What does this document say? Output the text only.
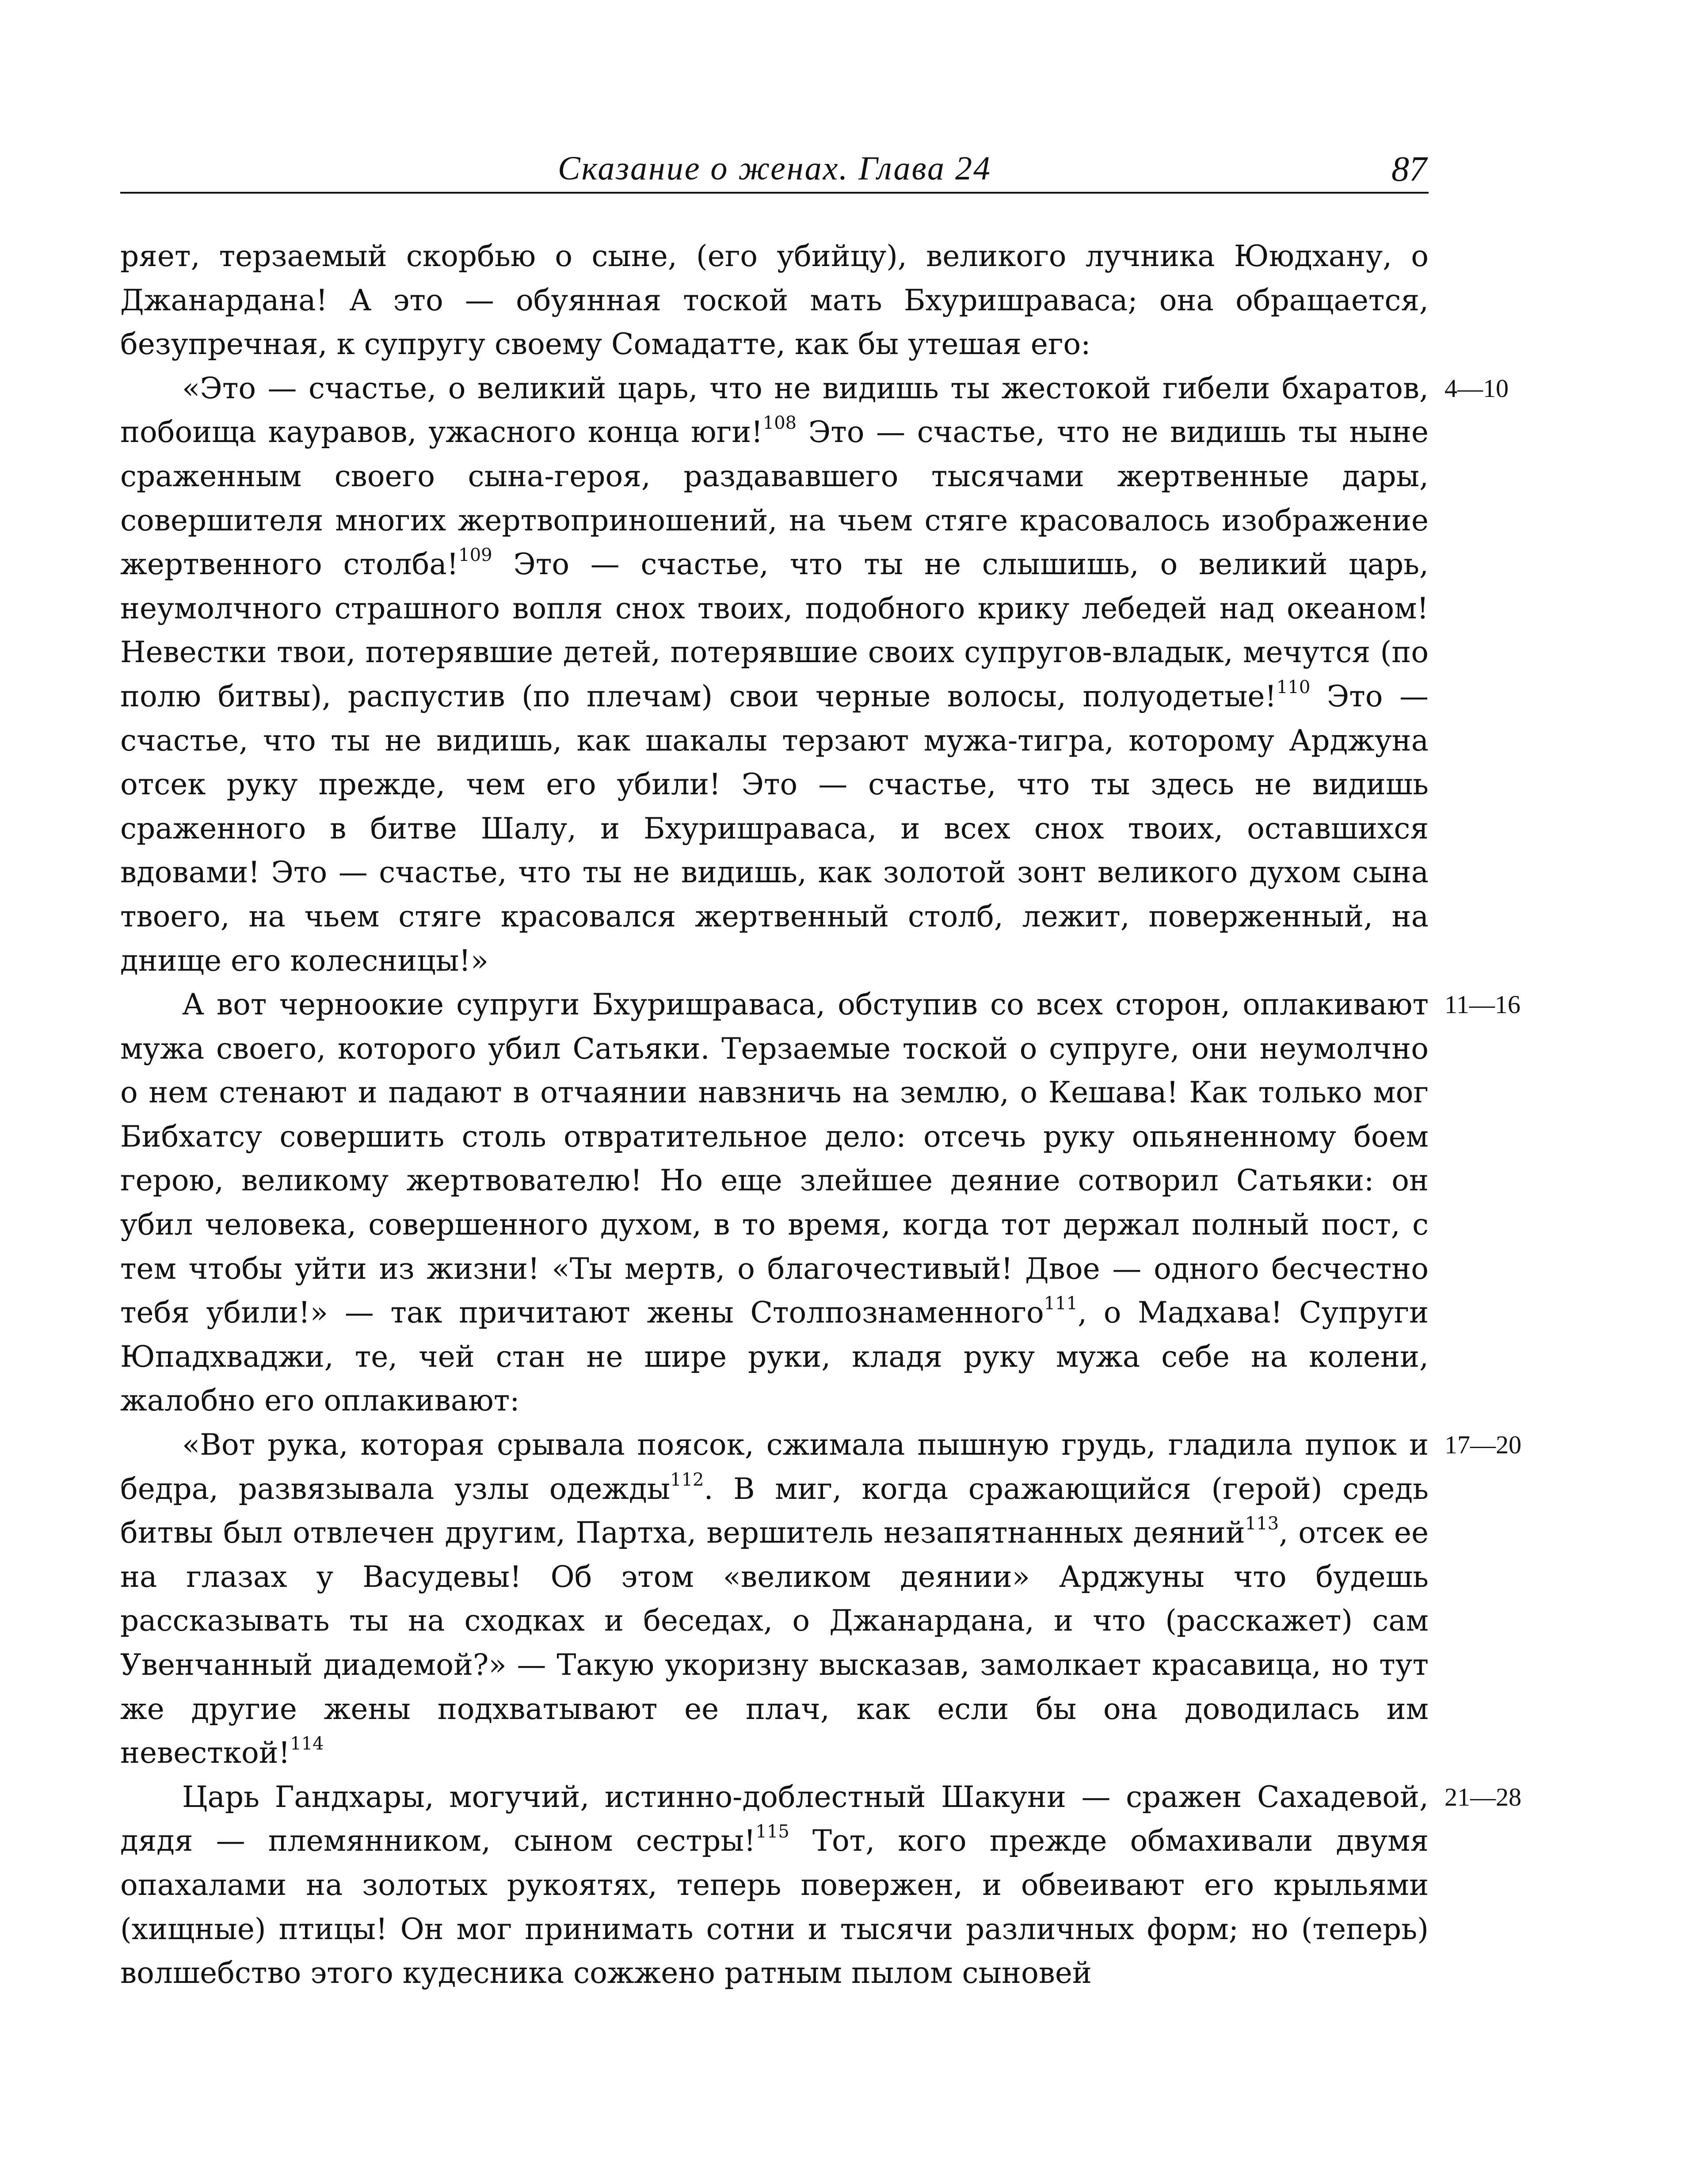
Сказание о женах. Глава 24	87

ряет, терзаемый скорбью о сыне, (его убийцу), великого лучника Ююдхану, о Джанардана! А это — обуянная тоской мать Бхуришраваса; она обращается, безупречная, к супругу своему Сомадатте, как бы утешая его:

4—10
«Это — счастье, о великий царь, что не видишь ты жестокой гибели бхаратов, побоища кауравов, ужасного конца юги!$^{108}$ Это — счастье, что не видишь ты ныне сраженным своего сына-героя, раздававшего тысячами жертвенные дары, совершителя многих жертвоприношений, на чьем стяге красовалось изображение жертвенного столба!$^{109}$ Это — счастье, что ты не слышишь, о великий царь, неумолчного страшного вопля снох твоих, подобного крику лебедей над океаном! Невестки твои, потерявшие детей, потерявшие своих супругов-владык, мечутся (по полю битвы), распустив (по плечам) свои черные волосы, полуодетые!$^{110}$ Это — счастье, что ты не видишь, как шакалы терзают мужа-тигра, которому Арджуна отсек руку прежде, чем его убили! Это — счастье, что ты здесь не видишь сраженного в битве Шалу, и Бхуришраваса, и всех снох твоих, оставшихся вдовами! Это — счастье, что ты не видишь, как золотой зонт великого духом сына твоего, на чьем стяге красовался жертвенный столб, лежит, поверженный, на днище его колесницы!»

11—16
А вот черноокие супруги Бхуришраваса, обступив со всех сторон, оплакивают мужа своего, которого убил Сатьяки. Терзаемые тоской о супруге, они неумолчно о нем стенают и падают в отчаянии навзничь на землю, о Кешава! Как только мог Бибхатсу совершить столь отвратительное дело: отсечь руку опьяненному боем герою, великому жертвователю! Но еще злейшее деяние сотворил Сатьяки: он убил человека, совершенного духом, в то время, когда тот держал полный пост, с тем чтобы уйти из жизни! «Ты мертв, о благочестивый! Двое — одного бесчестно тебя убили!» — так причитают жены Столпознаменного$^{111}$, о Мадхава! Супруги Юпадхваджи, те, чей стан не шире руки, кладя руку мужа себе на колени, жалобно его оплакивают:

17—20
«Вот рука, которая срывала поясок, сжимала пышную грудь, гладила пупок и бедра, развязывала узлы одежды$^{112}$. В миг, когда сражающийся (герой) средь битвы был отвлечен другим, Партха, вершитель незапятнанных деяний$^{113}$, отсек ее на глазах у Васудевы! Об этом «великом деянии» Арджуны что будешь рассказывать ты на сходках и беседах, о Джанардана, и что (расскажет) сам Увенчанный диадемой?» — Такую укоризну высказав, замолкает красавица, но тут же другие жены подхватывают ее плач, как если бы она доводилась им невесткой!$^{114}$

21—28
Царь Гандхары, могучий, истинно-доблестный Шакуни — сражен Сахадевой, дядя — племянником, сыном сестры!$^{115}$ Тот, кого прежде обмахивали двумя опахалами на золотых рукоятях, теперь повержен, и обвеивают его крыльями (хищные) птицы! Он мог принимать сотни и тысячи различных форм; но (теперь) волшебство этого кудесника сожжено ратным пылом сыновей
